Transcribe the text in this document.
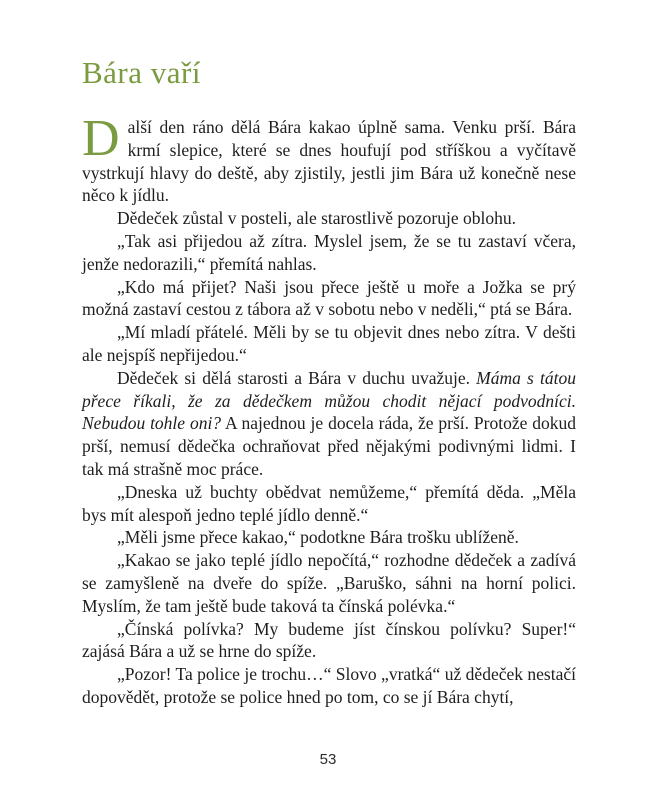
Bára vaří

Další den ráno dělá Bára kakao úplně sama. Venku prší. Bára krmí slepice, které se dnes houfují pod stříškou a vyčítavě vystrkují hlavy do deště, aby zjistily, jestli jim Bára už konečně nese něco k jídlu.

Dědeček zůstal v posteli, ale starostlivě pozoruje oblohu.

„Tak asi přijedou až zítra. Myslel jsem, že se tu zastaví včera, jenže nedorazili,“ přemítá nahlas.

„Kdo má přijet? Naši jsou přece ještě u moře a Jožka se prý možná zastaví cestou z tábora až v sobotu nebo v neděli,“ ptá se Bára.

„Mí mladí přátelé. Měli by se tu objevit dnes nebo zítra. V dešti ale nejspíš nepřijedou.“

Dědeček si dělá starosti a Bára v duchu uvažuje. Máma s tátou přece říkali, že za dědečkem můžou chodit nějací podvodníci. Nebudou tohle oni? A najednou je docela ráda, že prší. Protože dokud prší, nemusí dědečka ochraňovat před nějakými podivnými lidmi. I tak má strašně moc práce.

„Dneska už buchty obědvat nemůžeme,“ přemítá děda. „Měla bys mít alespoň jedno teplé jídlo denně.“

„Měli jsme přece kakao,“ podotkne Bára trošku ublíženě.

„Kakao se jako teplé jídlo nepočítá,“ rozhodne dědeček a zadívá se zamyšleně na dveře do spíže. „Baruško, sáhni na horní polici. Myslím, že tam ještě bude taková ta čínská polévka.“

„Čínská polívka? My budeme jíst čínskou polívku? Super!“ zajásá Bára a už se hrne do spíže.

„Pozor! Ta police je trochu…“ Slovo „vratká“ už dědeček nestačí dopovědět, protože se police hned po tom, co se jí Bára chytí,

53
